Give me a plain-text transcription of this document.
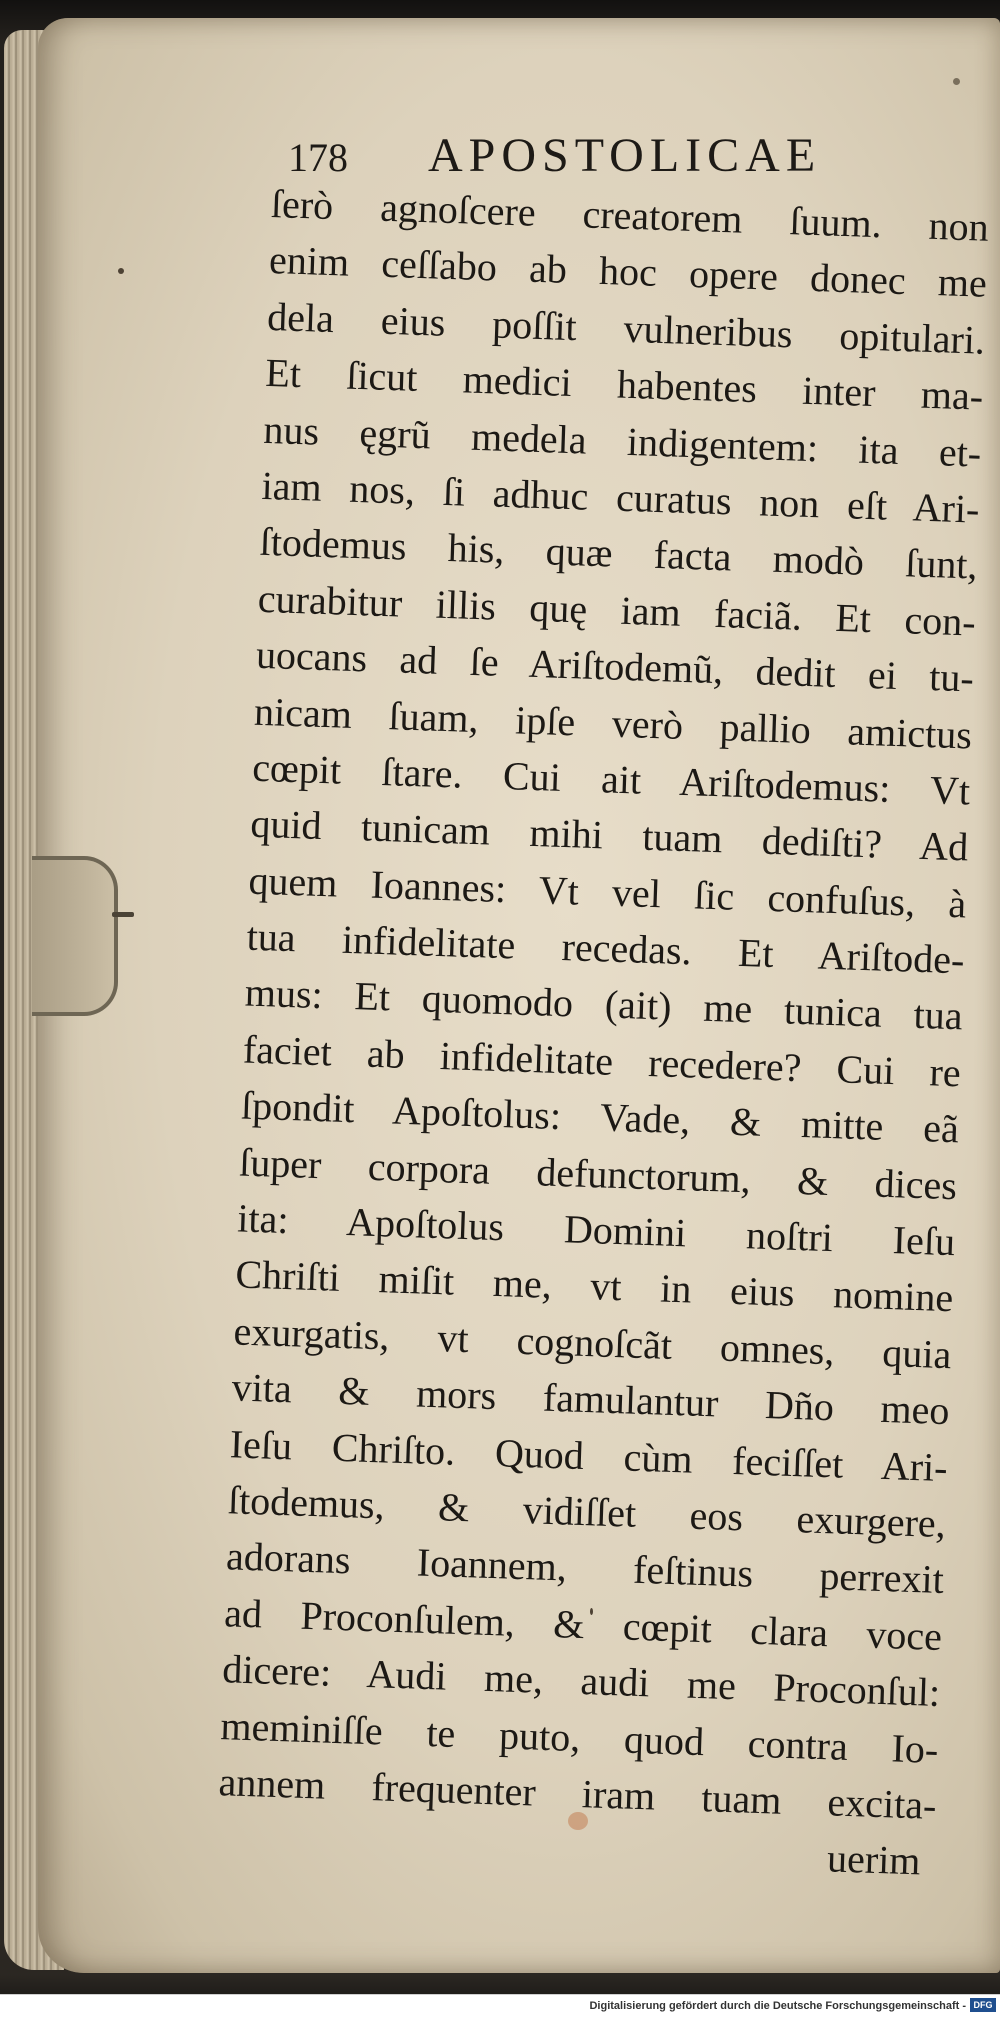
178 APOSTOLICAE
ſerò agnoſcere creatorem ſuum. non
enim ceſſabo ab hoc opere donec me
dela eius poſſit vulneribus opitulari.
Et ſicut medici habentes inter ma-
nus ęgrũ medela indigentem: ita et-
iam nos, ſi adhuc curatus non eſt Ari-
ſtodemus his, quæ facta modò ſunt,
curabitur illis quę iam faciã. Et con-
uocans ad ſe Ariſtodemũ, dedit ei tu-
nicam ſuam, ipſe verò pallio amictus
cœpit ſtare. Cui ait Ariſtodemus: Vt
quid tunicam mihi tuam dediſti? Ad
quem Ioannes: Vt vel ſic confuſus, à
tua infidelitate recedas. Et Ariſtode-
mus: Et quomodo (ait) me tunica tua
faciet ab infidelitate recedere? Cui re
ſpondit Apoſtolus: Vade, & mitte eã
ſuper corpora defunctorum, & dices
ita: Apoſtolus Domini noſtri Ieſu
Chriſti miſit me, vt in eius nomine
exurgatis, vt cognoſcãt omnes, quia
vita & mors famulantur Dño meo
Ieſu Chriſto. Quod cùm feciſſet Ari-
ſtodemus, & vidiſſet eos exurgere,
adorans Ioannem, feſtinus perrexit
ad Proconſulem, & cœpit clara voce
dicere: Audi me, audi me Proconſul:
meminiſſe te puto, quod contra Io-
annem frequenter iram tuam excita-
uerim
Digitalisierung gefördert durch die Deutsche Forschungsgemeinschaft - DFG
